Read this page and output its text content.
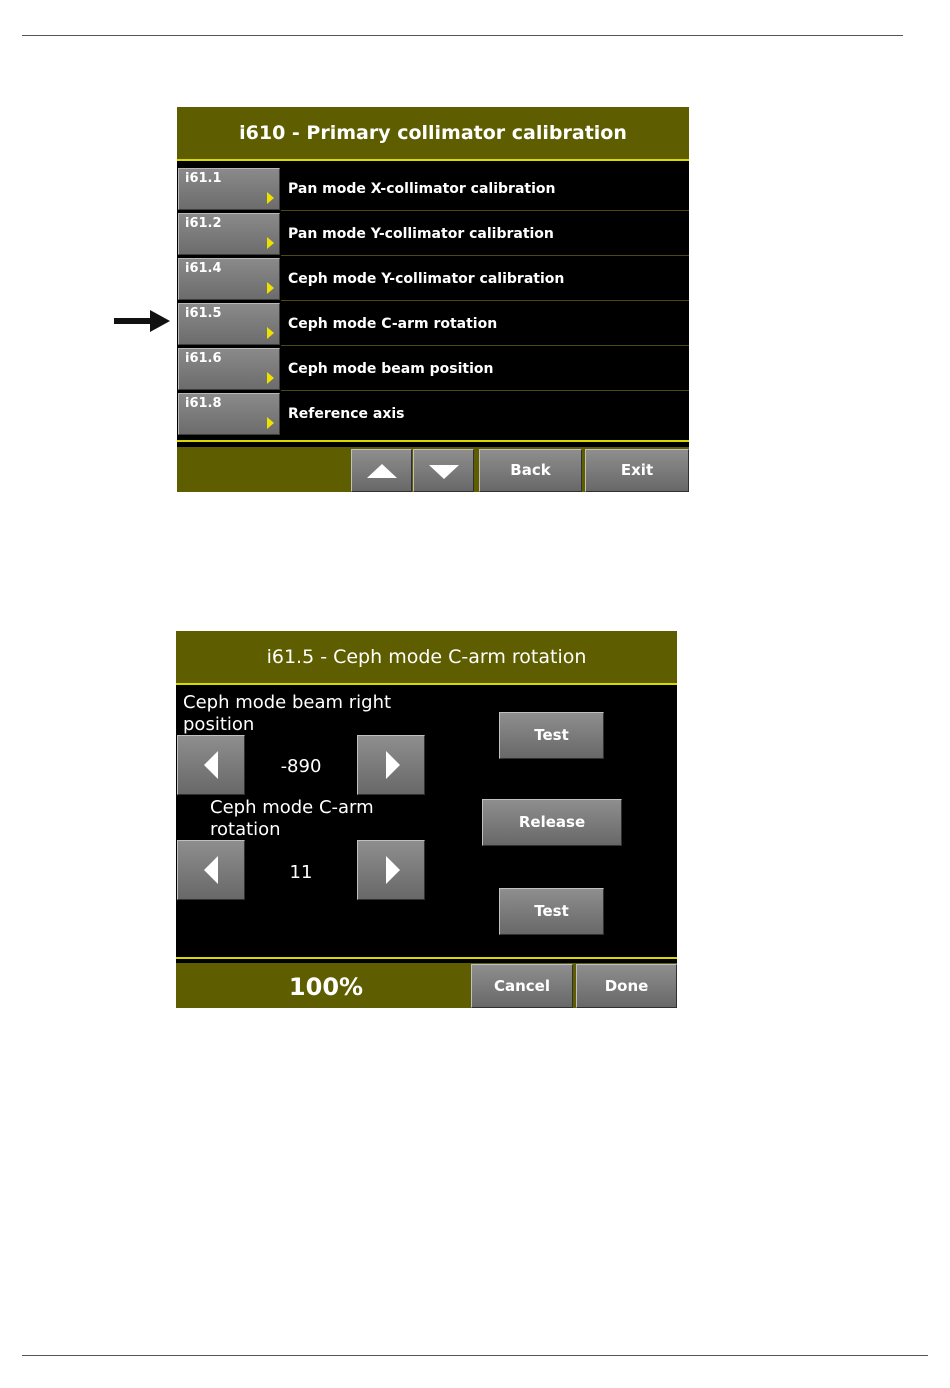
i610 - Primary collimator calibration
i61.1
Pan mode X-collimator calibration
i61.2
Pan mode Y-collimator calibration
i61.4
Ceph mode Y-collimator calibration
i61.5
Ceph mode C-arm rotation
i61.6
Ceph mode beam position
i61.8
Reference axis
Back	Exit
i61.5 - Ceph mode C-arm rotation
Ceph mode beam right
position
-890
Ceph mode C-arm
rotation
11
Test
Release
Test
100%	Cancel	Done
